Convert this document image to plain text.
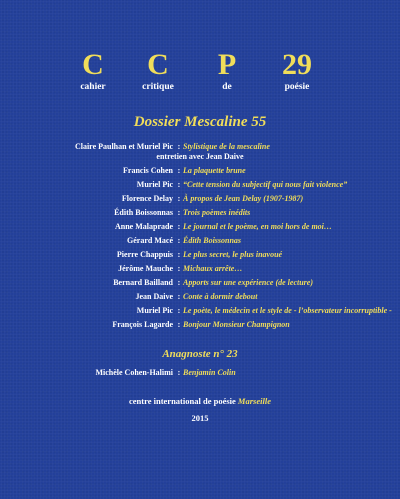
C
cahier
C
critique
P
de
29
poésie
Dossier Mescaline 55
Claire Paulhan et Muriel Pic : Stylistique de la mescaline
entretien avec Jean Daive
Francis Cohen : La plaquette brune
Muriel Pic : “Cette tension du subjectif qui nous fait violence”
Florence Delay : À propos de Jean Delay (1907-1987)
Édith Boissonnas : Trois poèmes inédits
Anne Malaprade : Le journal et le poème, en moi hors de moi…
Gérard Macé : Édith Boissonnas
Pierre Chappuis : Le plus secret, le plus inavoué
Jérôme Mauche : Michaux arrête…
Bernard Bailland : Apports sur une expérience (de lecture)
Jean Daive : Conte à dormir debout
Muriel Pic : Le poète, le médecin et le style de - l’observateur incorruptible -
François Lagarde : Bonjour Monsieur Champignon
Anagnoste n° 23
Michèle Cohen-Halimi : Benjamin Colin
centre international de poésie Marseille
2015
